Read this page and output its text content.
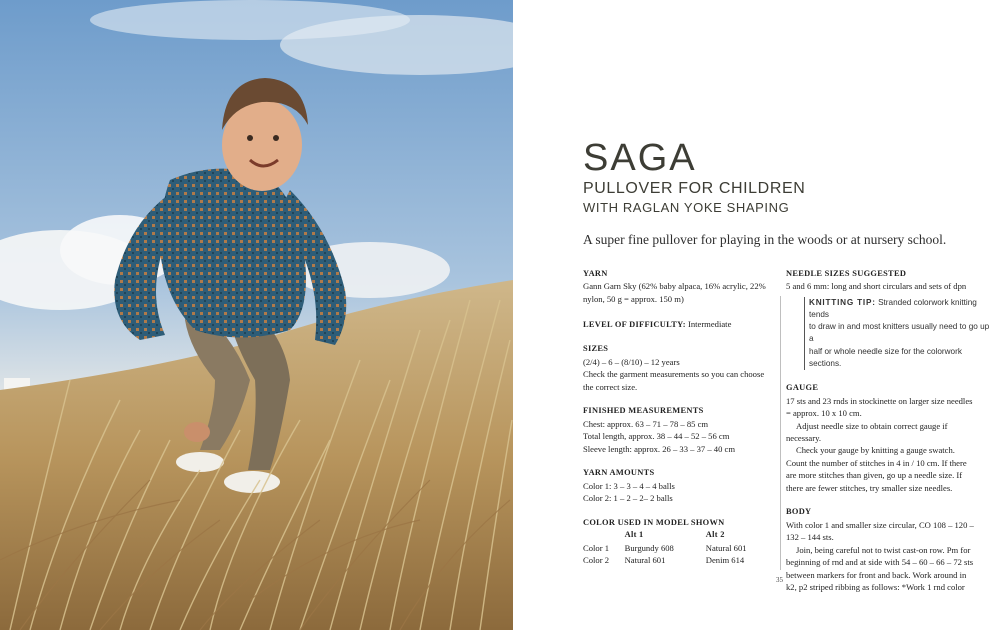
SAGA
PULLOVER FOR CHILDREN
WITH RAGLAN YOKE SHAPING
A super fine pullover for playing in the woods or at nursery school.

YARN

Gann Garn Sky (62% baby alpaca, 16% acrylic, 22%

nylon, 50 g = approx. 150 m)

LEVEL OF DIFFICULTY: Intermediate

SIZES

(2/4) – 6 – (8/10) – 12 years

Check the garment measurements so you can choose

the correct size.

FINISHED MEASUREMENTS

Chest: approx. 63 – 71 – 78 – 85 cm

Total length, approx. 38 – 44 – 52 – 56 cm

Sleeve length: approx. 26 – 33 – 37 – 40 cm

YARN AMOUNTS

Color 1: 3 – 3 – 4 – 4 balls

Color 2: 1 – 2 – 2– 2 balls

COLOR USED IN MODEL SHOWN

	Alt 1	Alt 2
Color 1	Burgundy 608	Natural 601
Color 2	Natural 601	Denim 614

NEEDLE SIZES SUGGESTED

5 and 6 mm: long and short circulars and sets of dpn

KNITTING TIP: Stranded colorwork knitting tends
to draw in and most knitters usually need to go up a
half or whole needle size for the colorwork sections.

GAUGE

17 sts and 23 rnds in stockinette on larger size needles

= approx. 10 x 10 cm.

Adjust needle size to obtain correct gauge if

necessary.

Check your gauge by knitting a gauge swatch.

Count the number of stitches in 4 in / 10 cm. If there

are more stitches than given, go up a needle size. If

there are fewer stitches, try smaller size needles.

BODY

With color 1 and smaller size circular, CO 108 – 120 –

132 – 144 sts.

Join, being careful not to twist cast-on row. Pm for

beginning of rnd and at side with 54 – 60 – 66 – 72 sts

between markers for front and back. Work around in

k2, p2 striped ribbing as follows: *Work 1 rnd color

35
